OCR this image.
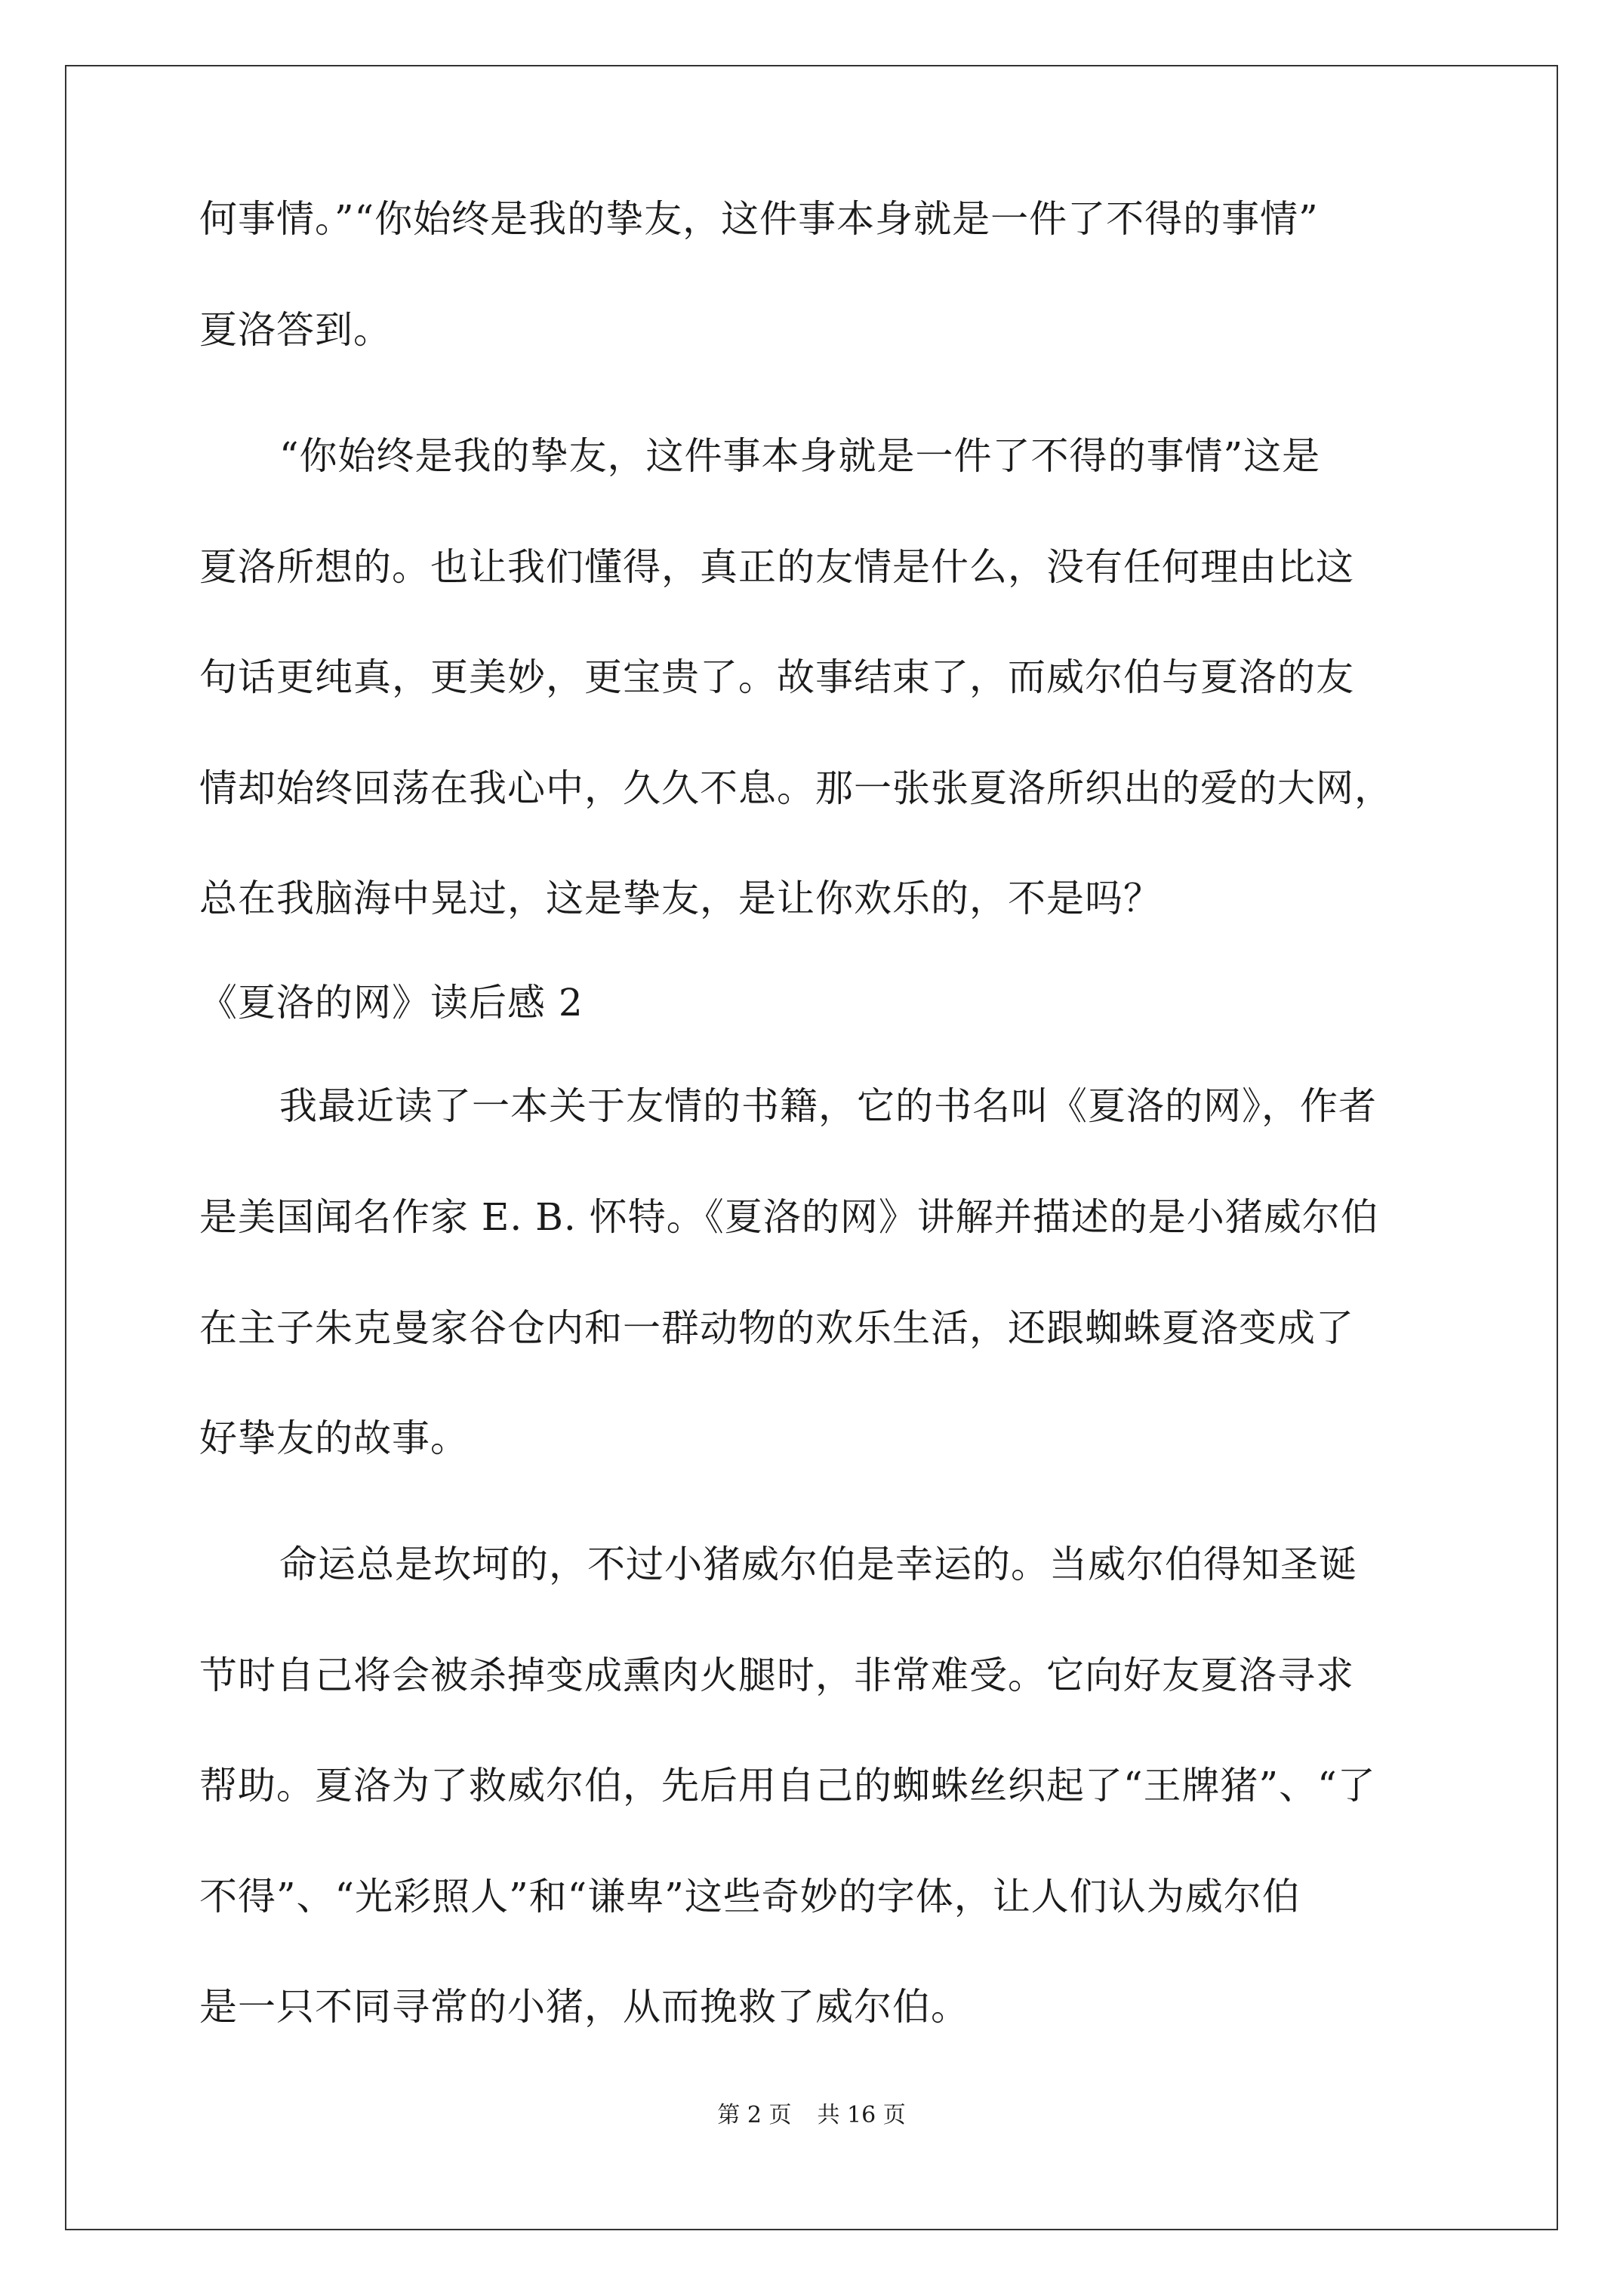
何事情。”“你始终是我的挚友，这件事本身就是一件了不得的事情”
夏洛答到。
“你始终是我的挚友，这件事本身就是一件了不得的事情”这是
夏洛所想的。也让我们懂得，真正的友情是什么，没有任何理由比这
句话更纯真，更美妙，更宝贵了。故事结束了，而威尔伯与夏洛的友
情却始终回荡在我心中，久久不息。那一张张夏洛所织出的爱的大网，
总在我脑海中晃过，这是挚友，是让你欢乐的，不是吗？
《夏洛的网》读后感 2
我最近读了一本关于友情的书籍，它的书名叫《夏洛的网》，作者
是美国闻名作家 E. B. 怀特。《夏洛的网》讲解并描述的是小猪威尔伯
在主子朱克曼家谷仓内和一群动物的欢乐生活，还跟蜘蛛夏洛变成了
好挚友的故事。
命运总是坎坷的，不过小猪威尔伯是幸运的。当威尔伯得知圣诞
节时自己将会被杀掉变成熏肉火腿时，非常难受。它向好友夏洛寻求
帮助。夏洛为了救威尔伯，先后用自己的蜘蛛丝织起了“王牌猪”、“了
不得”、“光彩照人”和“谦卑”这些奇妙的字体，让人们认为威尔伯
是一只不同寻常的小猪，从而挽救了威尔伯。
第 2 页 共 16 页
